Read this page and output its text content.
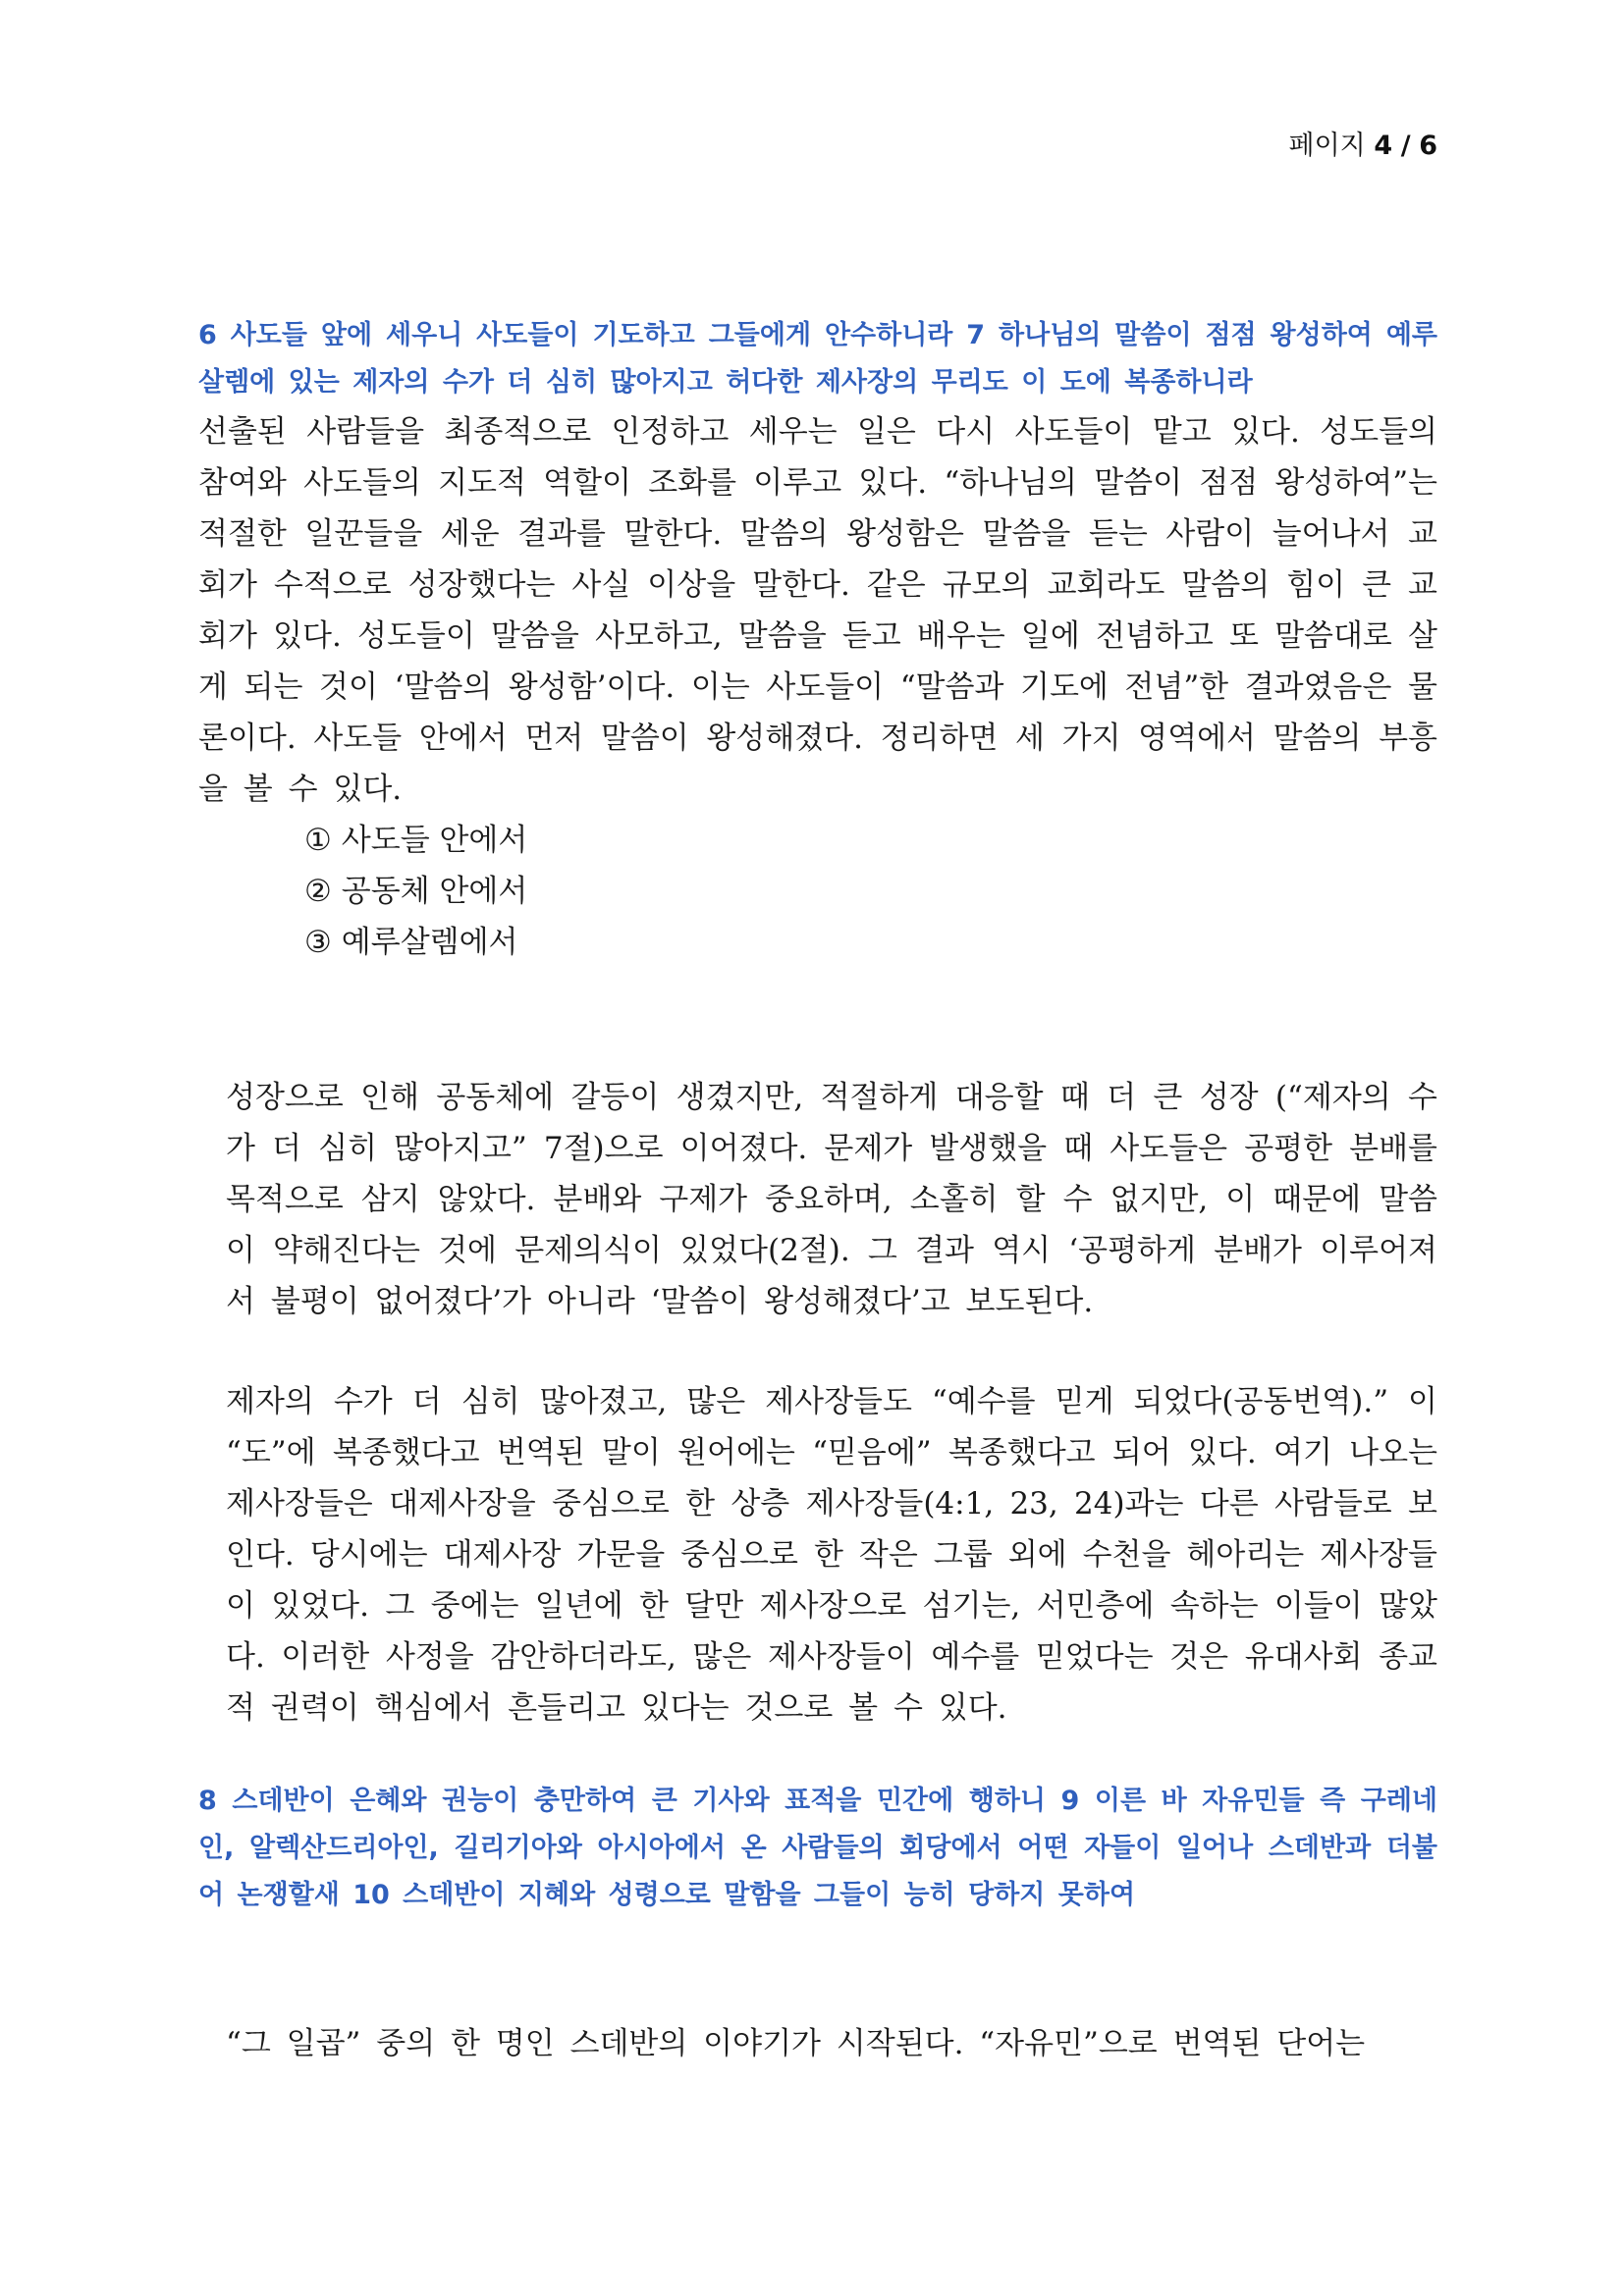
페이지 4 / 6

6 사도들 앞에 세우니 사도들이 기도하고 그들에게 안수하니라 7 하나님의 말씀이 점점 왕성하여 예루살렘에 있는 제자의 수가 더 심히 많아지고 허다한 제사장의 무리도 이 도에 복종하니라

선출된 사람들을 최종적으로 인정하고 세우는 일은 다시 사도들이 맡고 있다. 성도들의 참여와 사도들의 지도적 역할이 조화를 이루고 있다. “하나님의 말씀이 점점 왕성하여”는 적절한 일꾼들을 세운 결과를 말한다. 말씀의 왕성함은 말씀을 듣는 사람이 늘어나서 교회가 수적으로 성장했다는 사실 이상을 말한다. 같은 규모의 교회라도 말씀의 힘이 큰 교회가 있다. 성도들이 말씀을 사모하고, 말씀을 듣고 배우는 일에 전념하고 또 말씀대로 살게 되는 것이 ‘말씀의 왕성함’이다. 이는 사도들이 “말씀과 기도에 전념”한 결과였음은 물론이다. 사도들 안에서 먼저 말씀이 왕성해졌다. 정리하면 세 가지 영역에서 말씀의 부흥을 볼 수 있다.

① 사도들 안에서
② 공동체 안에서
③ 예루살렘에서

성장으로 인해 공동체에 갈등이 생겼지만, 적절하게 대응할 때 더 큰 성장 (“제자의 수가 더 심히 많아지고” 7절)으로 이어졌다. 문제가 발생했을 때 사도들은 공평한 분배를 목적으로 삼지 않았다. 분배와 구제가 중요하며, 소홀히 할 수 없지만, 이 때문에 말씀이 약해진다는 것에 문제의식이 있었다(2절). 그 결과 역시 ‘공평하게 분배가 이루어져서 불평이 없어졌다’가 아니라 ‘말씀이 왕성해졌다’고 보도된다.

제자의 수가 더 심히 많아졌고, 많은 제사장들도 “예수를 믿게 되었다(공동번역).” 이 “도”에 복종했다고 번역된 말이 원어에는 “믿음에” 복종했다고 되어 있다. 여기 나오는 제사장들은 대제사장을 중심으로 한 상층 제사장들(4:1, 23, 24)과는 다른 사람들로 보인다. 당시에는 대제사장 가문을 중심으로 한 작은 그룹 외에 수천을 헤아리는 제사장들이 있었다. 그 중에는 일년에 한 달만 제사장으로 섬기는, 서민층에 속하는 이들이 많았다. 이러한 사정을 감안하더라도, 많은 제사장들이 예수를 믿었다는 것은 유대사회 종교적 권력이 핵심에서 흔들리고 있다는 것으로 볼 수 있다.

8 스데반이 은혜와 권능이 충만하여 큰 기사와 표적을 민간에 행하니 9 이른 바 자유민들 즉 구레네인, 알렉산드리아인, 길리기아와 아시아에서 온 사람들의 회당에서 어떤 자들이 일어나 스데반과 더불어 논쟁할새 10 스데반이 지혜와 성령으로 말함을 그들이 능히 당하지 못하여

“그 일곱” 중의 한 명인 스데반의 이야기가 시작된다. “자유민”으로 번역된 단어는
